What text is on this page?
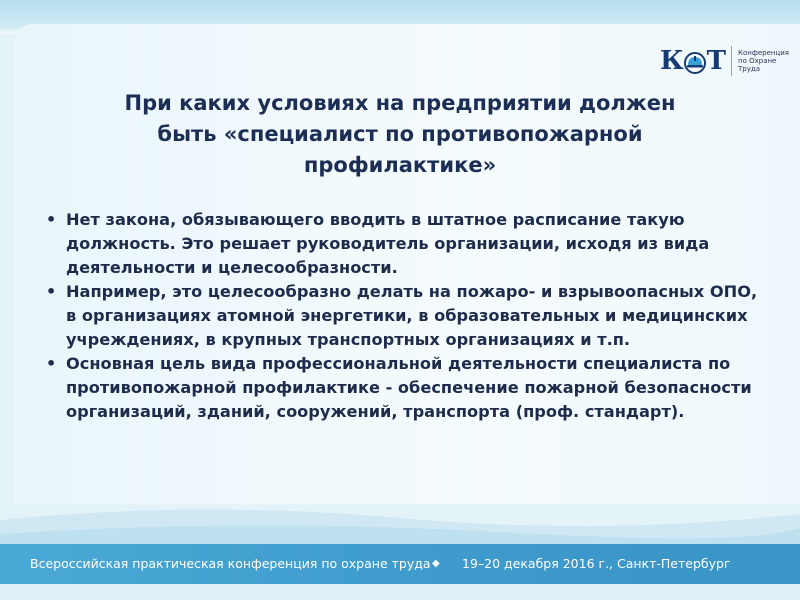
К Т Конференция
по Охране
Труда
При каких условиях на предприятии должен
быть «специалист по противопожарной
профилактике»
• Нет закона, обязывающего вводить в штатное расписание такую должность. Это решает руководитель организации, исходя из вида деятельности и целесообразности.
• Например, это целесообразно делать на пожаро- и взрывоопасных ОПО, в организациях атомной энергетики, в образовательных и медицинских учреждениях, в крупных транспортных организациях и т.п.
• Основная цель вида профессиональной деятельности специалиста по противопожарной профилактике - обеспечение пожарной безопасности организаций, зданий, сооружений, транспорта (проф. стандарт).
Всероссийская практическая конференция по охране труда ◆ 19–20 декабря 2016 г., Санкт-Петербург
